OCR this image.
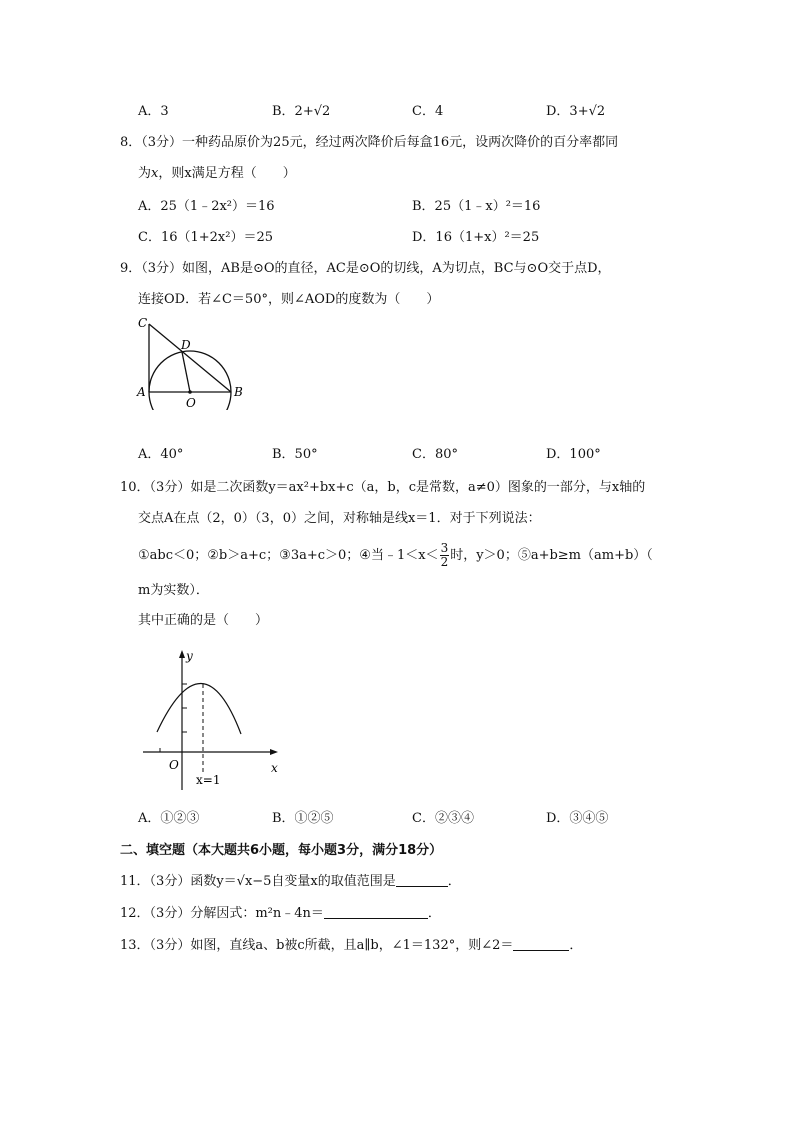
A．3	B．2+√2	C．4	D．3+√2
8．（3分）一种药品原价为25元，经过两次降价后每盒16元，设两次降价的百分率都同
为x，则x满足方程（　　）
A．25（1﹣2x²）＝16	B．25（1﹣x）²＝16
C．16（1+2x²）＝25	D．16（1+x）²＝25
9．（3分）如图，AB是⊙O的直径，AC是⊙O的切线，A为切点，BC与⊙O交于点D，
连接OD．若∠C＝50°，则∠AOD的度数为（　　）
C
D
A
O
B
A．40°	B．50°	C．80°	D．100°
10．（3分）如是二次函数y＝ax²+bx+c（a，b，c是常数，a≠0）图象的一部分，与x轴的
交点A在点（2，0）（3，0）之间，对称轴是线x＝1．对于下列说法：
①abc＜0；②b＞a+c；③3a+c＞0；④当﹣1＜x＜ $\frac{3}{2}$ 时，y＞0；⑤a+b≥m（am+b）（
m为实数）．
其中正确的是（　　）
y
O	x
x=1
A．①②③	B．①②⑤	C．②③④	D．③④⑤
二、填空题（本大题共6小题，每小题3分，满分18分）
11．（3分）函数y＝√x−5自变量x的取值范围是	．
12．（3分）分解因式：m²n﹣4n＝	．
13．（3分）如图，直线a、b被c所截，且a∥b，∠1＝132°，则∠2＝	．
